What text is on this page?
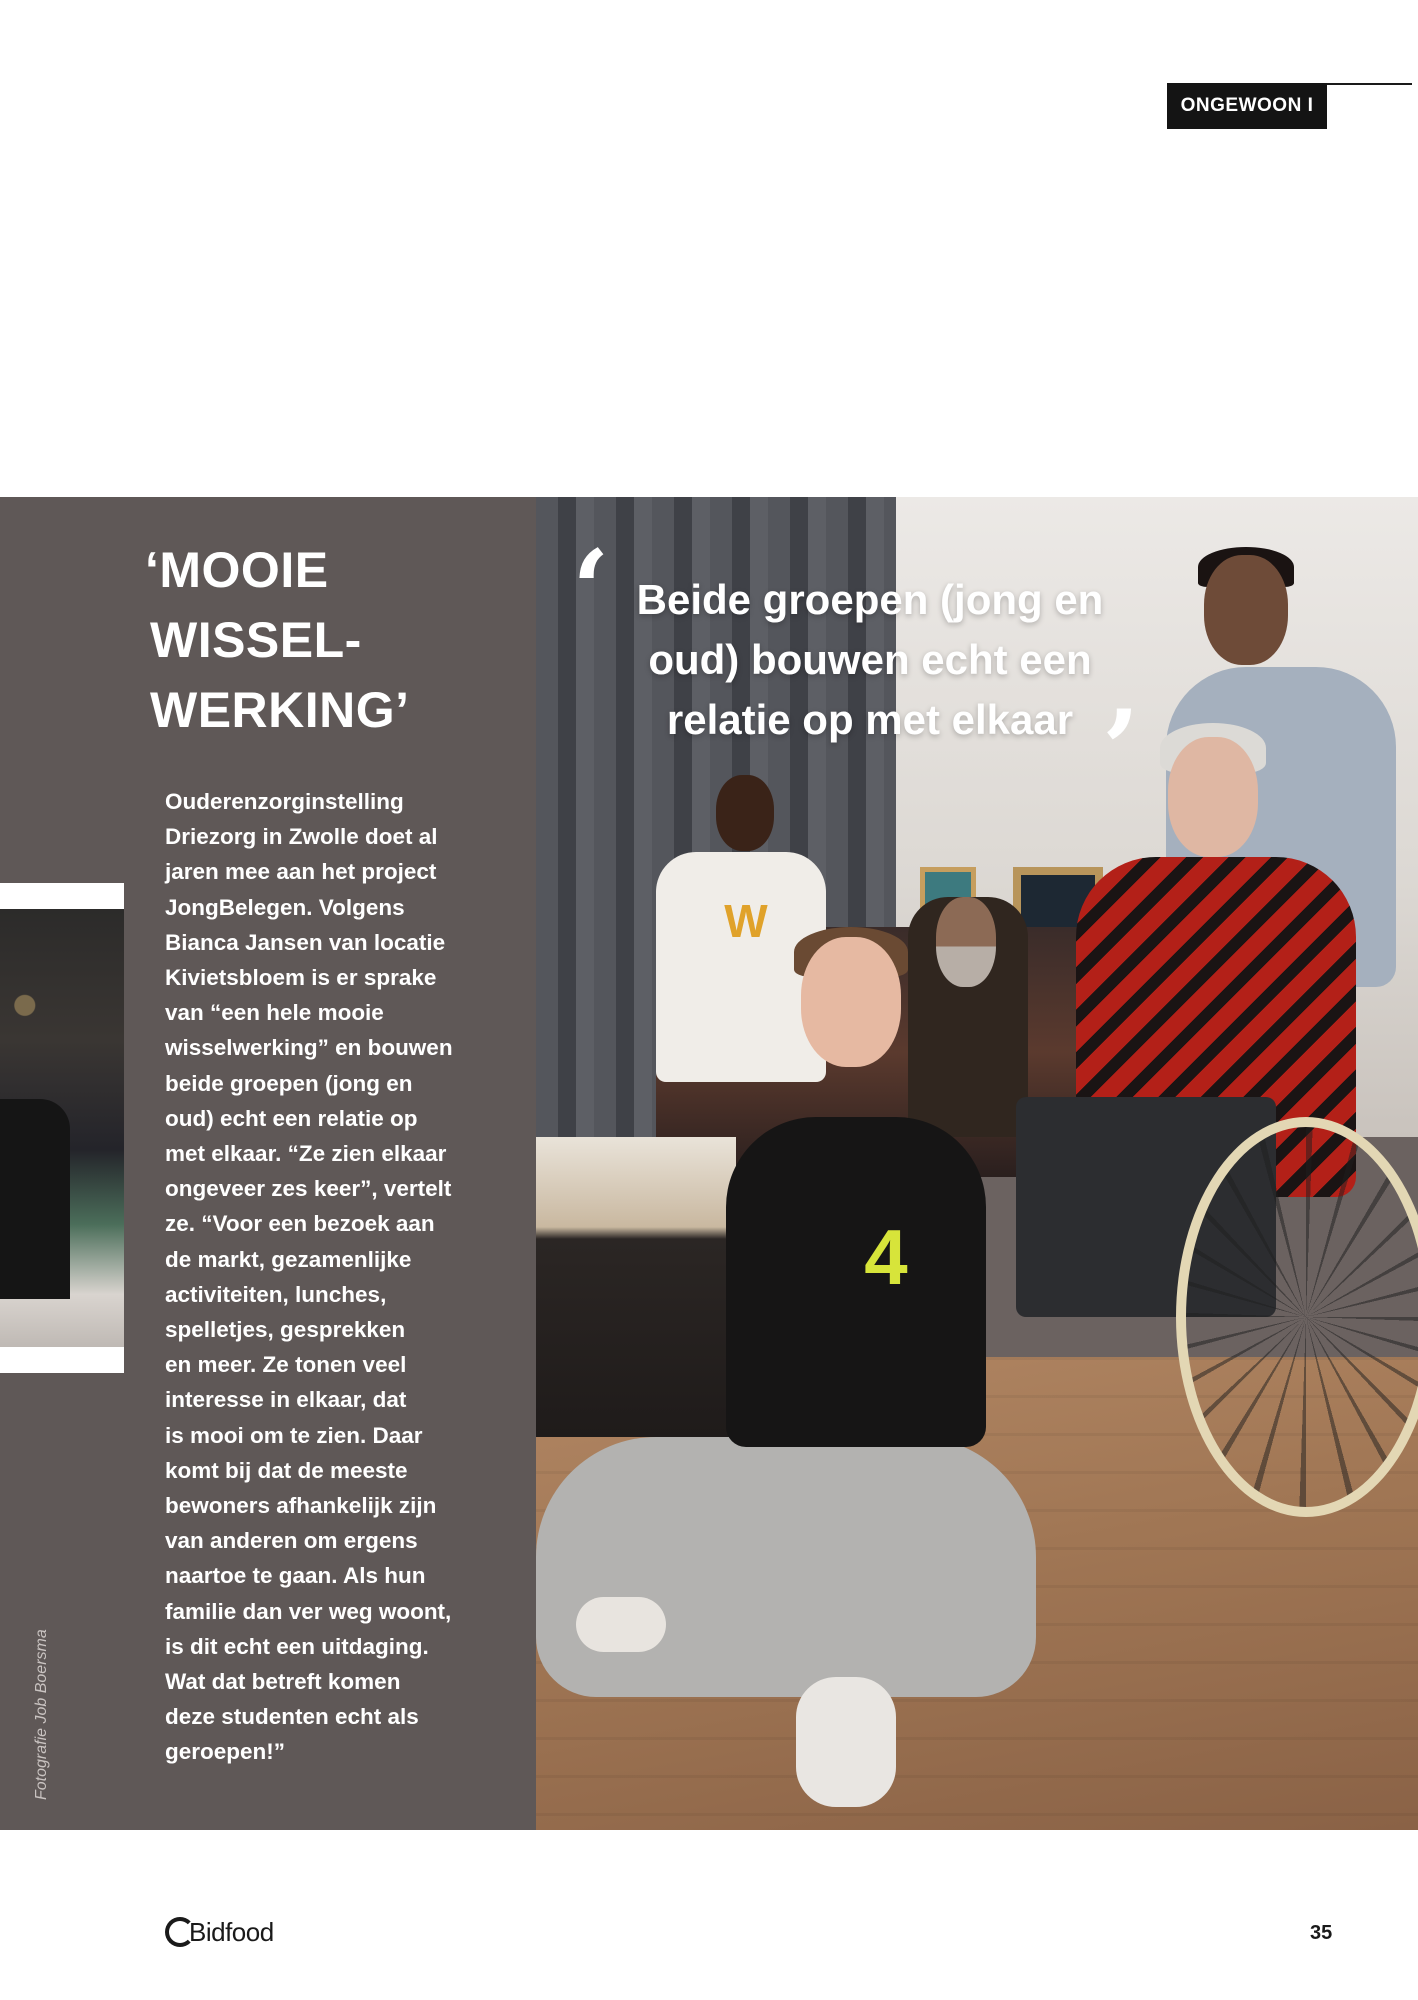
ONGEWOON I
‘MOOIE
WISSEL-
WERKING’

Ouderenzorginstelling
Driezorg in Zwolle doet al
jaren mee aan het project
JongBelegen. Volgens
Bianca Jansen van locatie
Kivietsbloem is er sprake
van “een hele mooie
wisselwerking” en bouwen
beide groepen (jong en
oud) echt een relatie op
met elkaar. “Ze zien elkaar
ongeveer zes keer”, vertelt
ze. “Voor een bezoek aan
de markt, gezamenlijke
activiteiten, lunches,
spelletjes, gesprekken
en meer. Ze tonen veel
interesse in elkaar, dat
is mooi om te zien. Daar
komt bij dat de meeste
bewoners afhankelijk zijn
van anderen om ergens
naartoe te gaan. Als hun
familie dan ver weg woont,
is dit echt een uitdaging.
Wat dat betreft komen
deze studenten echt als
geroepen!”

Fotografie Job Boersma
W
4
‘ Beide groepen (jong en
oud) bouwen echt een
relatie op met elkaar ’
Bidfood	35
